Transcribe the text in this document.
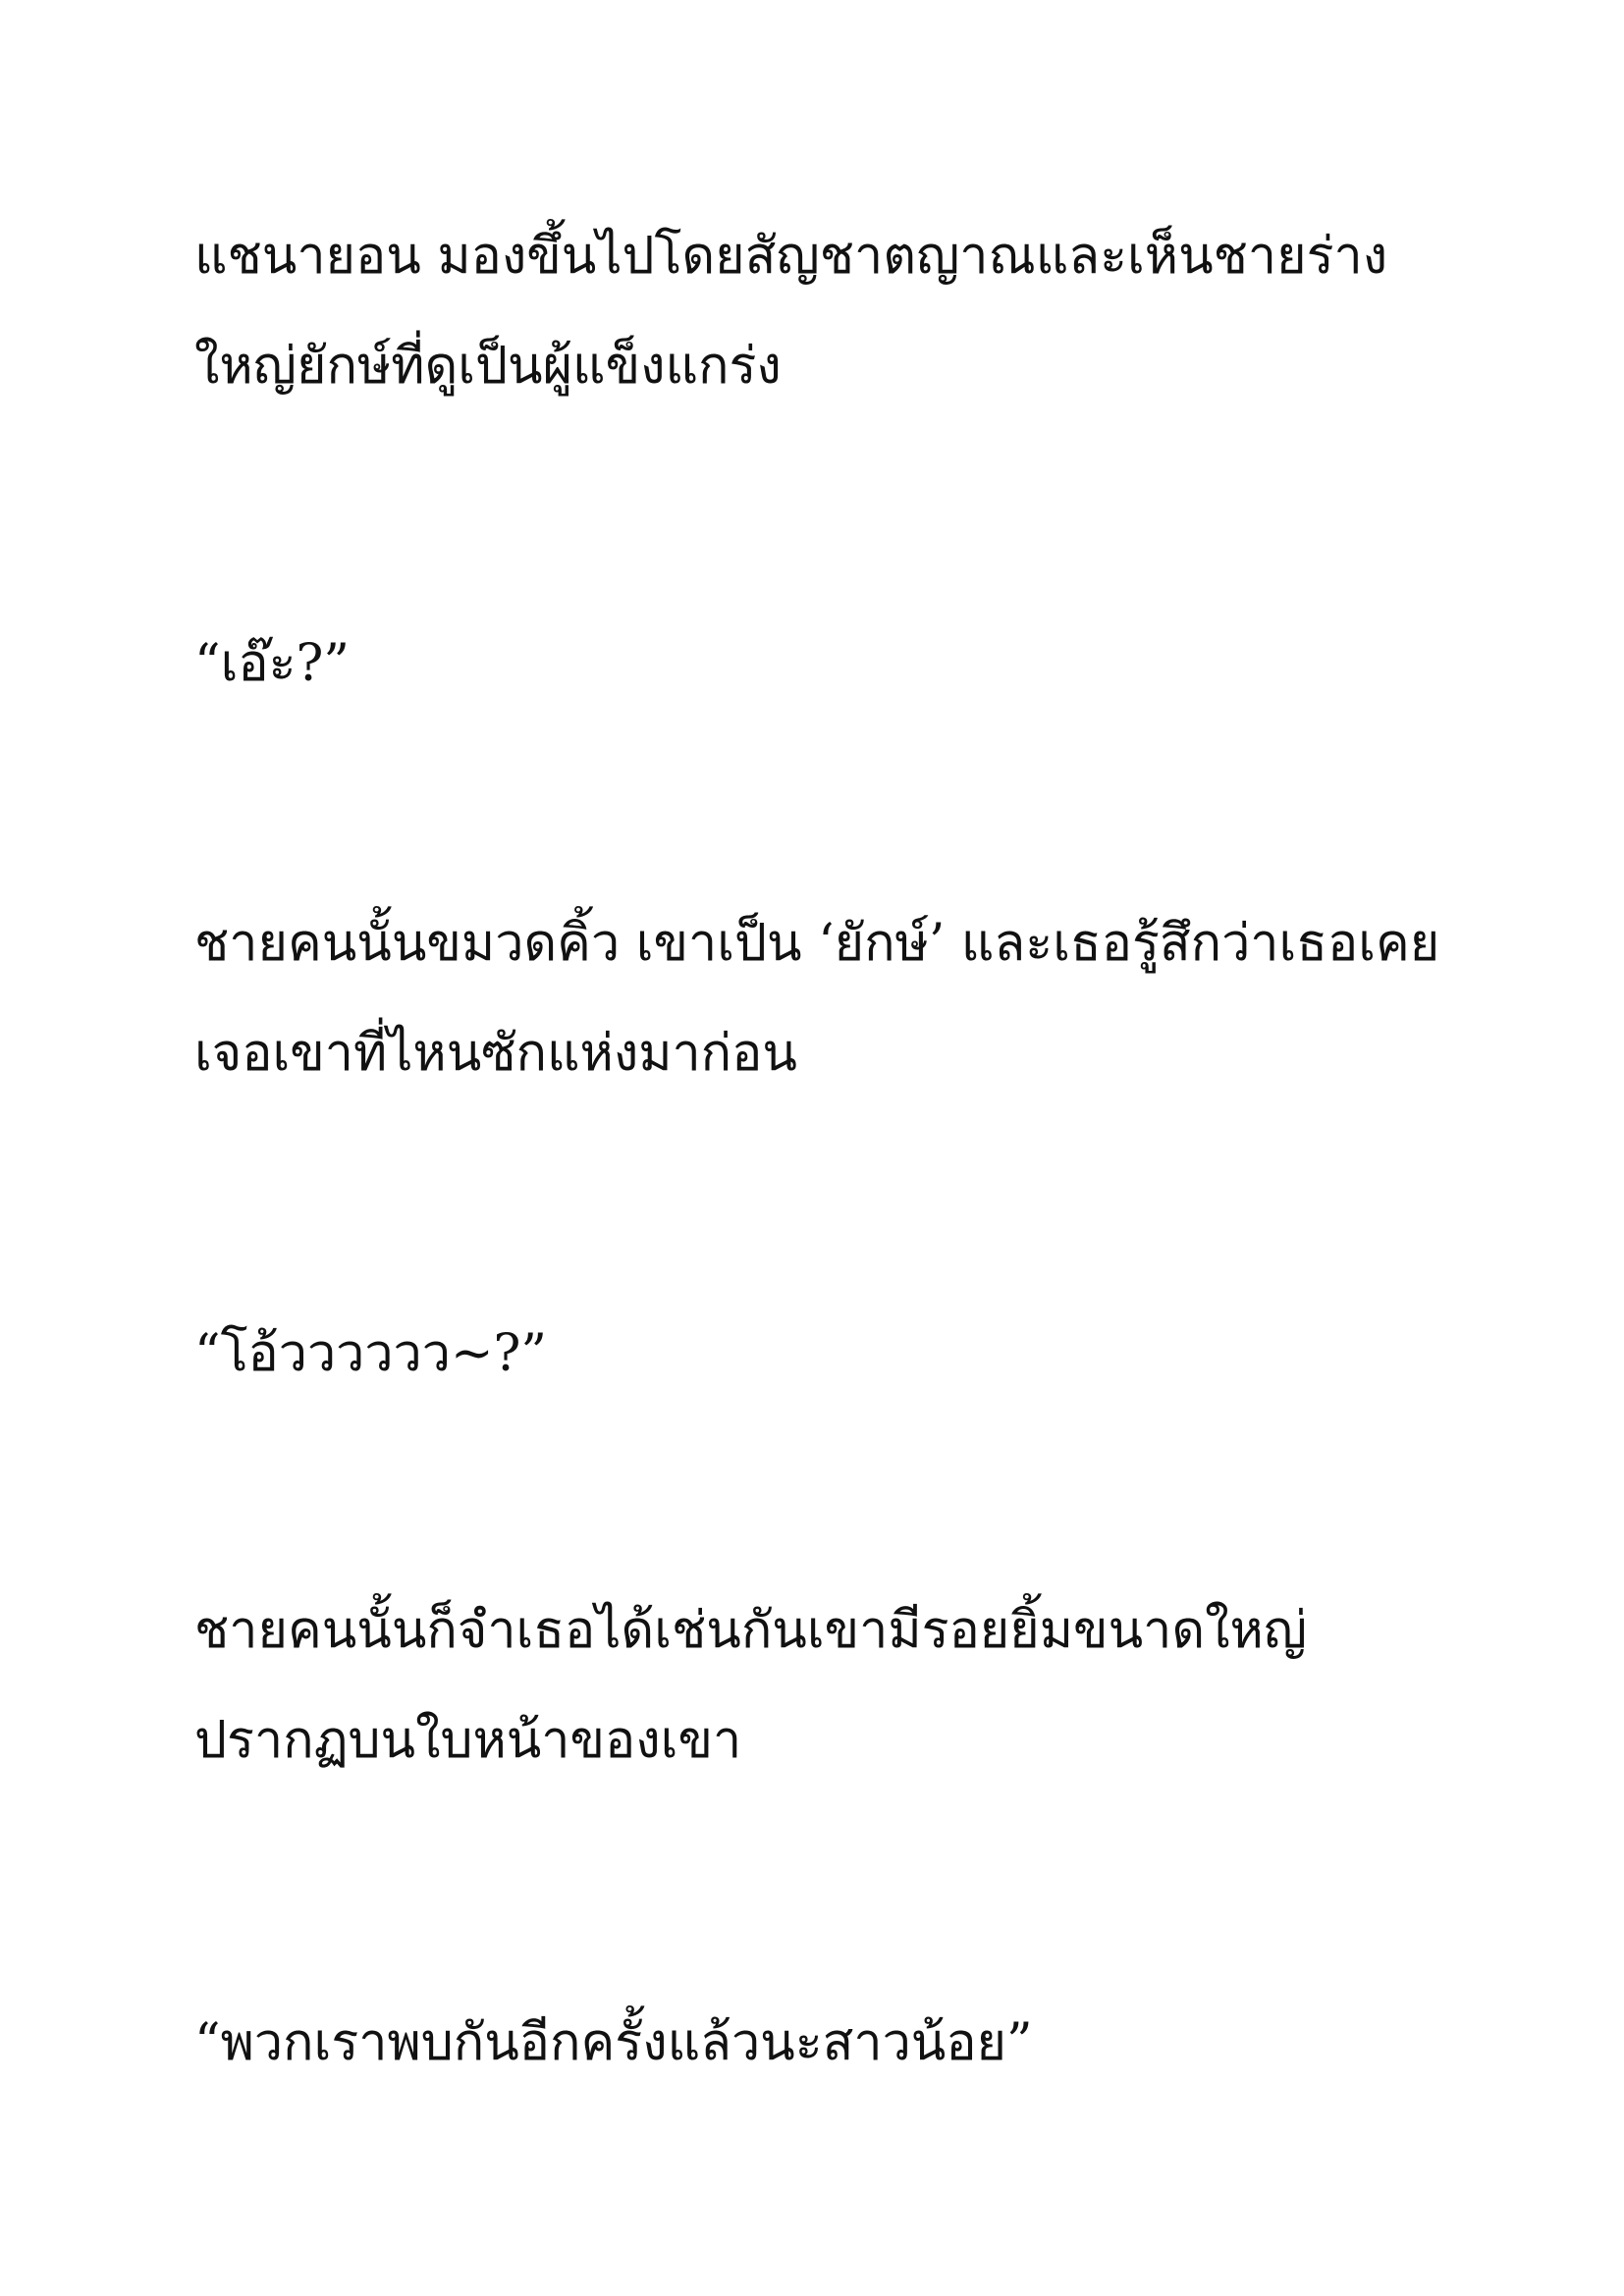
แชนายอน มองขึ้นไปโดยสัญชาตญาณและเห็นชายร่าง
ใหญ่ยักษ์ที่ดูเป็นผู้แข็งแกร่ง

“เอ๊ะ?”

ชายคนนั้นขมวดคิ้ว เขาเป็น ‘ยักษ์’ และเธอรู้สึกว่าเธอเคย
เจอเขาที่ไหนซักแห่งมาก่อน

“โอ้วววววว~?”

ชายคนนั้นก็จำเธอได้เช่นกันเขามีรอยยิ้มขนาดใหญ่
ปรากฏบนใบหน้าของเขา

“พวกเราพบกันอีกครั้งแล้วนะสาวน้อย”
